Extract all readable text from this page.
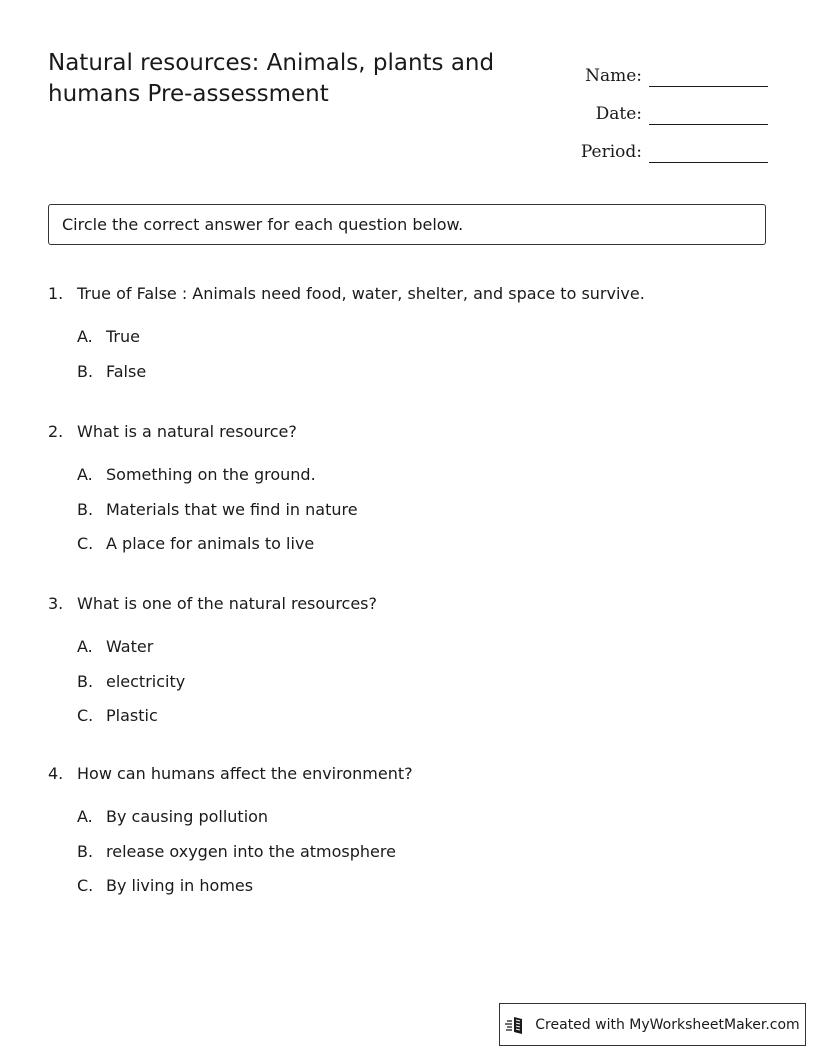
Natural resources: Animals, plants and humans Pre-assessment
Name:
Date:
Period:
Circle the correct answer for each question below.
1. True of False : Animals need food, water, shelter, and space to survive.
A. True
B. False
2. What is a natural resource?
A. Something on the ground.
B. Materials that we find in nature
C. A place for animals to live
3. What is one of the natural resources?
A. Water
B. electricity
C. Plastic
4. How can humans affect the environment?
A. By causing pollution
B. release oxygen into the atmosphere
C. By living in homes
Created with MyWorksheetMaker.com
